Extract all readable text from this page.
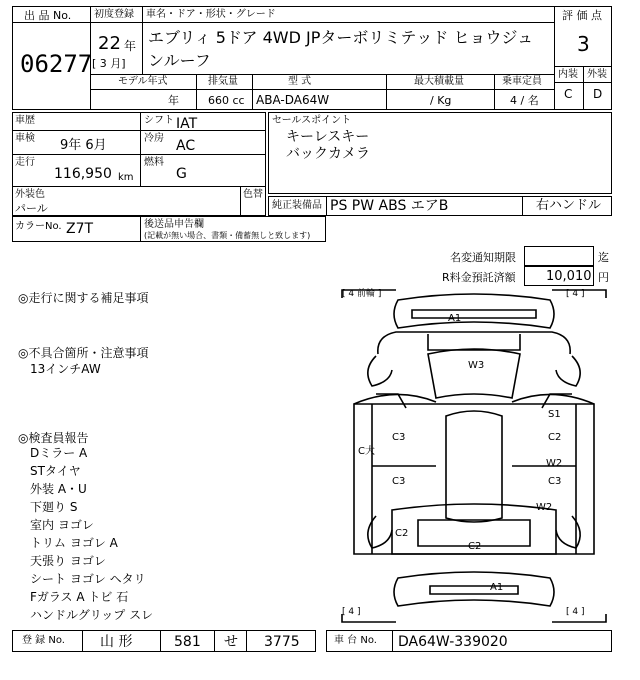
出 品 No.
06277
初度登録
22 年
[ 3 月]
車名・ドア・形状・グレード
エブリィ 5ドア 4WD JPターボリミテッド ヒョウジュ
ンルーフ
評 価 点
3
内装 外装
C D
モデル年式
年
排気量
660 cc
型 式
ABA-DA64W
最大積載量
/ Kg
乗車定員
4 / 名
車歴	シフト IAT
車検 9年 6月	冷房 AC
走行
116,950 km
燃料
G
外装色
パール
色替
カラーNo. Z7T	後送品申告欄
(記載が無い場合、書類・備蓄無しと致します)
セールスポイント
キーレスキー
バックカメラ
純正装備品 PS PW ABS エアB	右ハンドル
名変通知期限	迄
R料金預託済額 10,010 円
◎走行に関する補足事項
◎不具合箇所・注意事項
13インチAW
◎検査員報告
Dミラー A
STタイヤ
外装 A・U
下廻り S
室内 ヨゴレ
トリム ヨゴレ A
天張り ヨゴレ
シート ヨゴレ ヘタリ
Fガラス A トビ 石
ハンドルグリップ スレ
[ 4 前輪 ]	[ 4 ]
[ 4 ]	[ 4 ]
A1
W3
S1
C2
W2
C3
C3
C大
C3
W2
C2
C2
A1
登 録 No.	山 形	581 せ 3775	車 台 No. DA64W-339020
